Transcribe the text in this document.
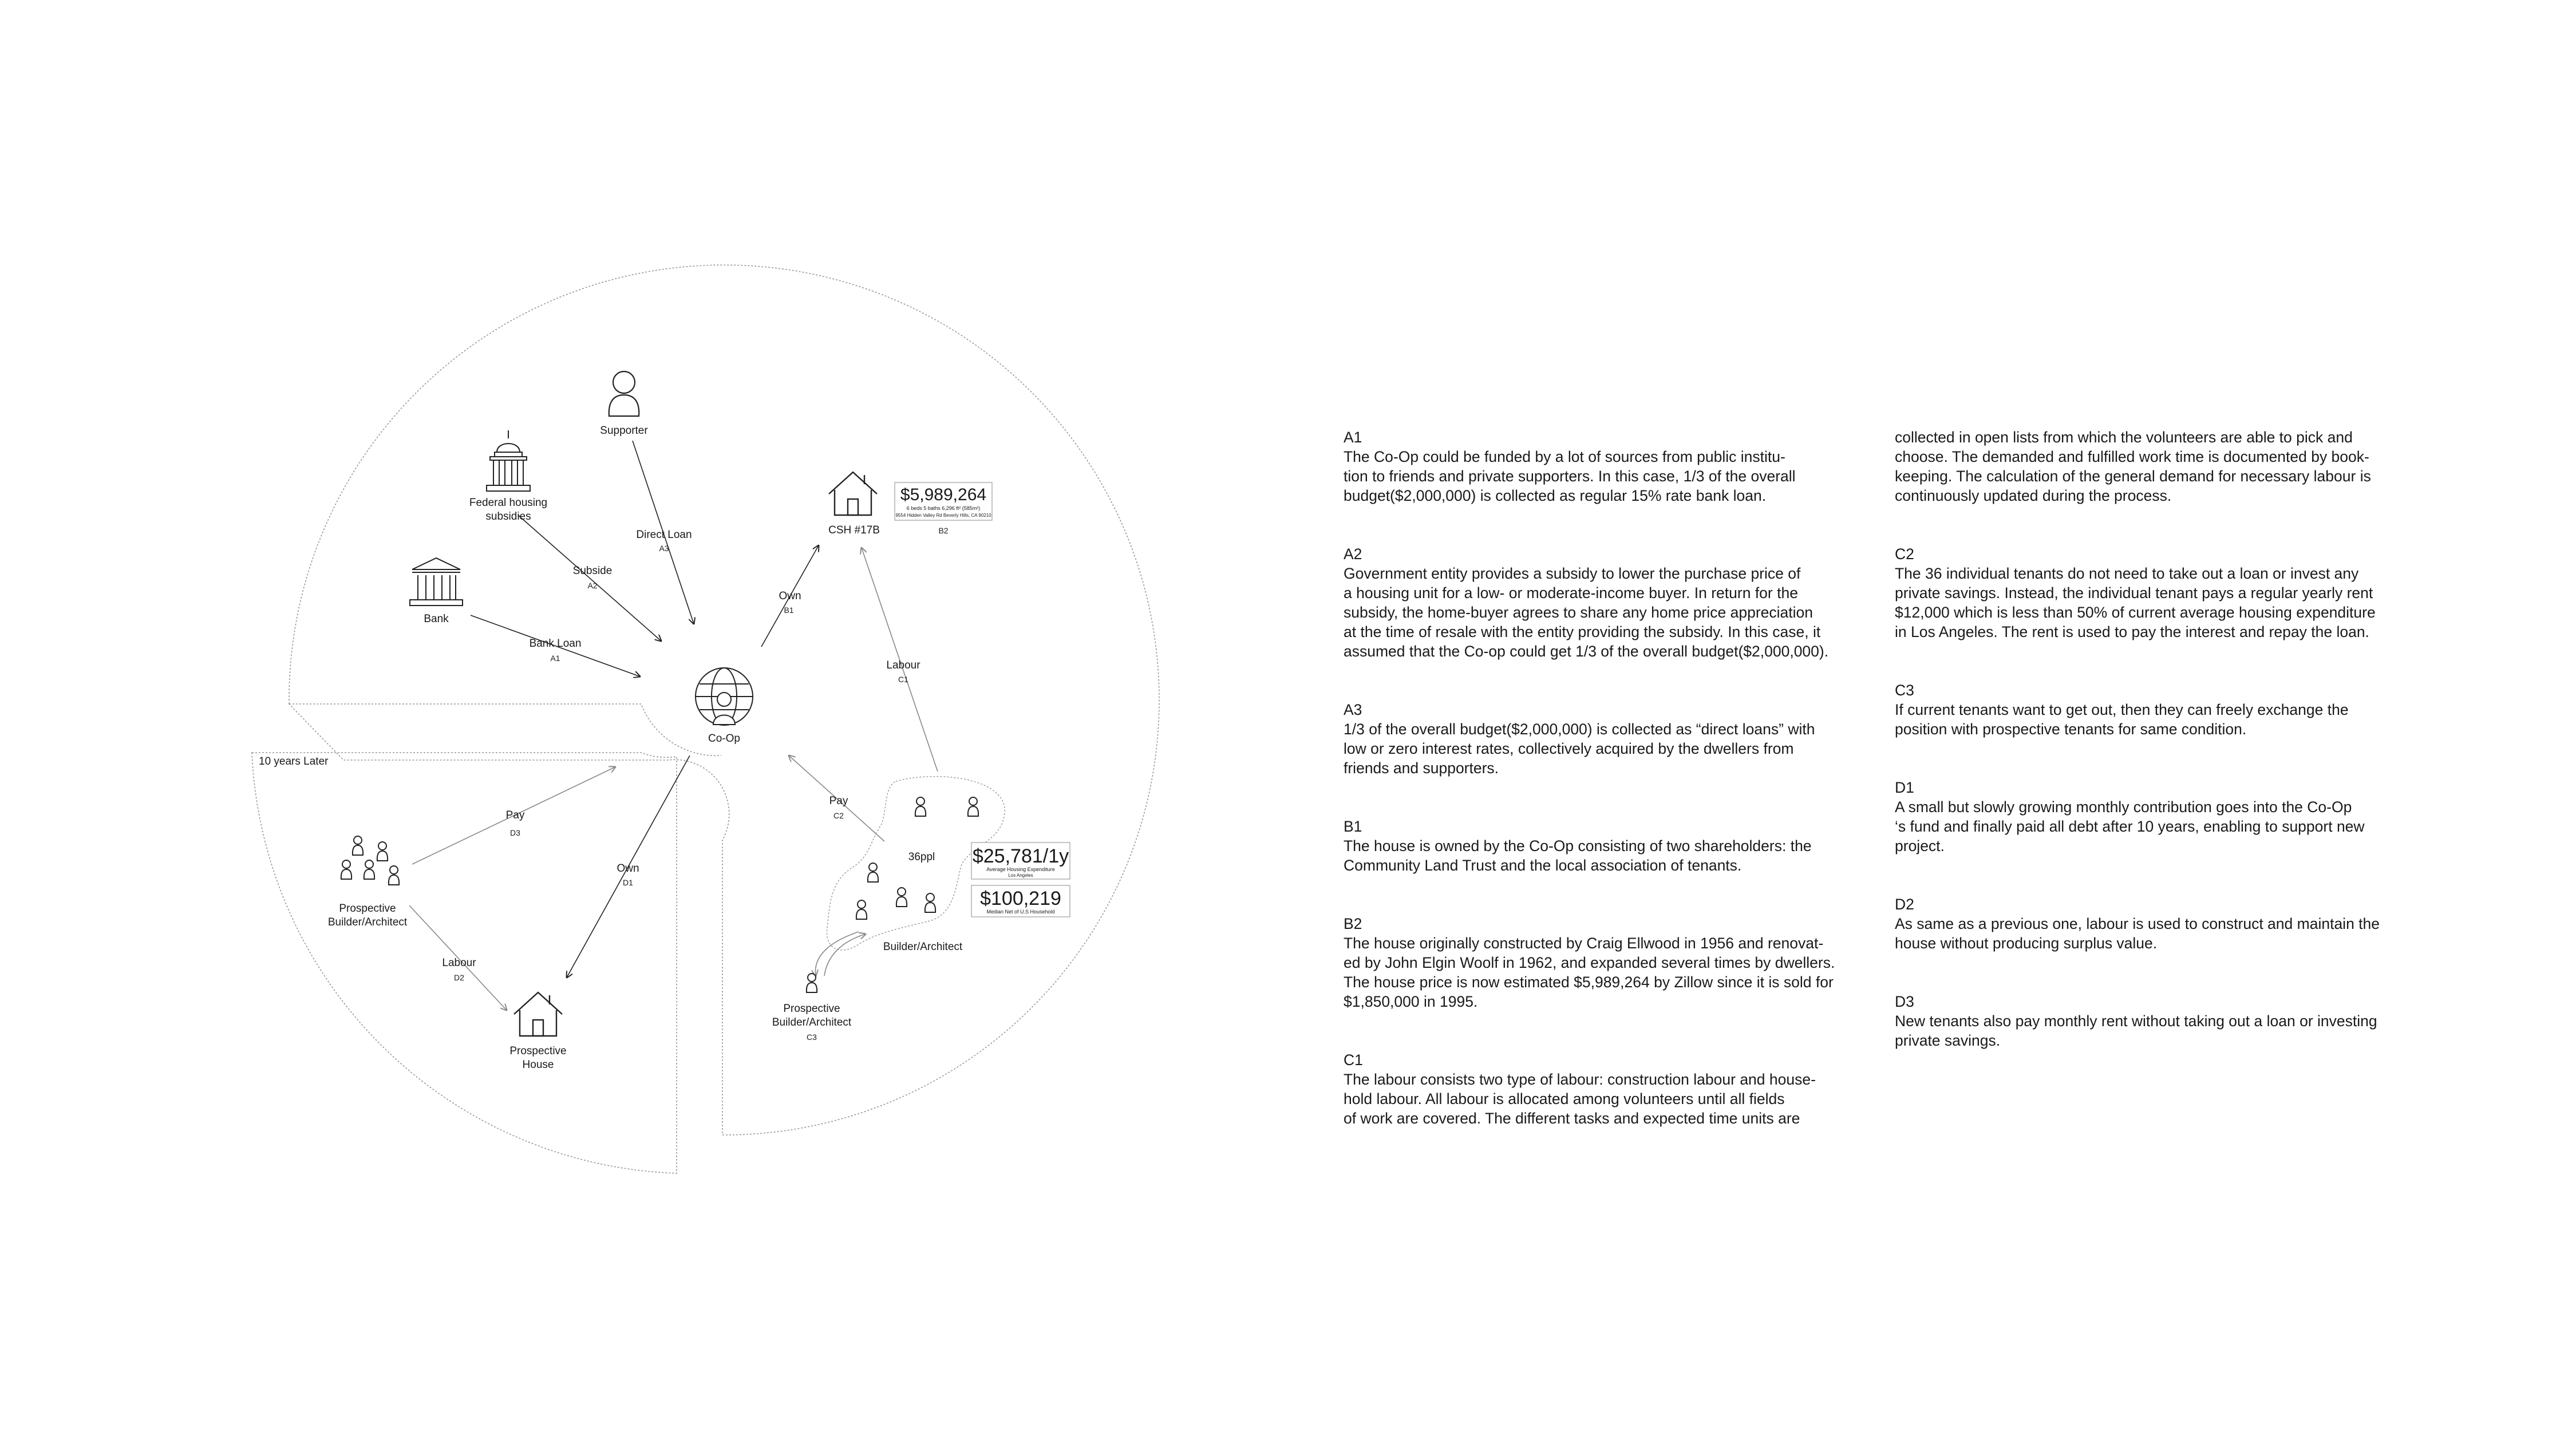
10 years Later
Bank Loan
A1
Subside
A2
Direct Loan
A3
Own
B1
Labour
C1
Pay
C2
Pay
D3
Own
D1
Labour
D2
Supporter
Federal housing
subsidies
Bank
Co-Op
CSH #17B
$5,989,264
6 beds 5 baths 6,296 ft² (585m²)
9554 Hidden Valley Rd Beverly Hills, CA 90210
B2
36ppl
Builder/Architect
$25,781/1y
Average Housing Expenditure
Los Angeles
$100,219
Median Net of U.S Household
Prospective
Builder/Architect
C3
Prospective
Builder/Architect
Prospective
House

A1
The Co-Op could be funded by a lot of sources from public institu-
tion to friends and private supporters. In this case, 1/3 of the overall
budget($2,000,000) is collected as regular 15% rate bank loan.

A2
Government entity provides a subsidy to lower the purchase price of
a housing unit for a low- or moderate-income buyer. In return for the
subsidy, the home-buyer agrees to share any home price appreciation
at the time of resale with the entity providing the subsidy. In this case, it
assumed that the Co-op could get 1/3 of the overall budget($2,000,000).

A3
1/3 of the overall budget($2,000,000) is collected as “direct loans” with
low or zero interest rates, collectively acquired by the dwellers from
friends and supporters.

B1
The house is owned by the Co-Op consisting of two shareholders: the
Community Land Trust and the local association of tenants.

B2
The house originally constructed by Craig Ellwood in 1956 and renovat-
ed by John Elgin Woolf in 1962, and expanded several times by dwellers.
The house price is now estimated $5,989,264 by Zillow since it is sold for
$1,850,000 in 1995.

C1
The labour consists two type of labour: construction labour and house-
hold labour. All labour is allocated among volunteers until all fields
of work are covered. The different tasks and expected time units are

collected in open lists from which the volunteers are able to pick and
choose. The demanded and fulfilled work time is documented by book-
keeping. The calculation of the general demand for necessary labour is
continuously updated during the process.

C2
The 36 individual tenants do not need to take out a loan or invest any
private savings. Instead, the individual tenant pays a regular yearly rent
$12,000 which is less than 50% of current average housing expenditure
in Los Angeles. The rent is used to pay the interest and repay the loan.

C3
If current tenants want to get out, then they can freely exchange the
position with prospective tenants for same condition.

D1
A small but slowly growing monthly contribution goes into the Co-Op
‘s fund and finally paid all debt after 10 years, enabling to support new
project.

D2
As same as a previous one, labour is used to construct and maintain the
house without producing surplus value.

D3
New tenants also pay monthly rent without taking out a loan or investing
private savings.
